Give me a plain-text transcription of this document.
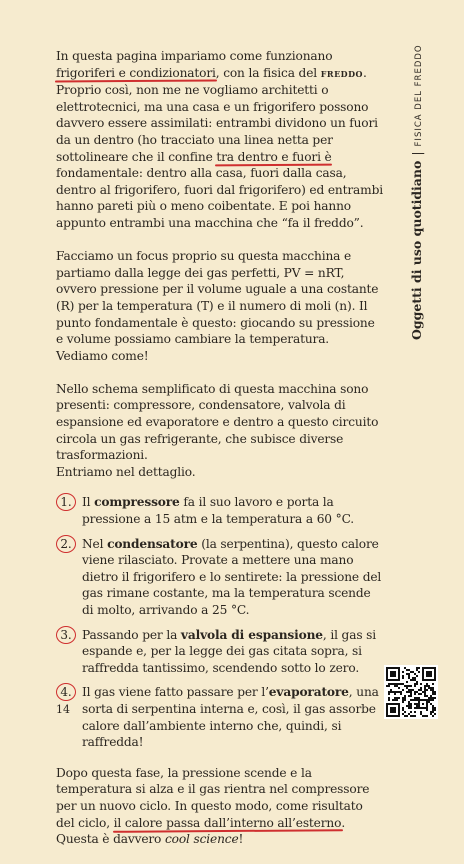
In questa pagina impariamo come funzionano frigoriferi e condizionatori, con la fisica del freddo. Proprio così, non me ne vogliamo architetti o elettrotecnici, ma una casa e un frigorifero possono davvero essere assimilati: entrambi dividono un fuori da un dentro (ho tracciato una linea netta per sottolineare che il confine tra dentro e fuori è fondamentale: dentro alla casa, fuori dalla casa, dentro al frigorifero, fuori dal frigorifero) ed entrambi hanno pareti più o meno coibentate. E poi hanno appunto entrambi una macchina che “fa il freddo”.

Facciamo un focus proprio su questa macchina e partiamo dalla legge dei gas perfetti, PV = nRT, ovvero pressione per il volume uguale a una costante (R) per la temperatura (T) e il numero di moli (n). Il punto fondamentale è questo: giocando su pressione e volume possiamo cambiare la temperatura. Vediamo come!

Nello schema semplificato di questa macchina sono presenti: compressore, condensatore, valvola di espansione ed evaporatore e dentro a questo circuito circola un gas refrigerante, che subisce diverse trasformazioni.
Entriamo nel dettaglio.

1. Il compressore fa il suo lavoro e porta la pressione a 15 atm e la temperatura a 60 °C.
2. Nel condensatore (la serpentina), questo calore viene rilasciato. Provate a mettere una mano dietro il frigorifero e lo sentirete: la pressione del gas rimane costante, ma la temperatura scende di molto, arrivando a 25 °C.
3. Passando per la valvola di espansione, il gas si espande e, per la legge dei gas citata sopra, si raffredda tantissimo, scendendo sotto lo zero.
4. Il gas viene fatto passare per l’evaporatore, una sorta di serpentina interna e, così, il gas assorbe calore dall’ambiente interno che, quindi, si raffredda!

Dopo questa fase, la pressione scende e la temperatura si alza e il gas rientra nel compressore per un nuovo ciclo. In questo modo, come risultato del ciclo, il calore passa dall’interno all’esterno. Questa è davvero cool science!

Oggetti di uso quotidiano|FISICA DEL FREDDO
14
